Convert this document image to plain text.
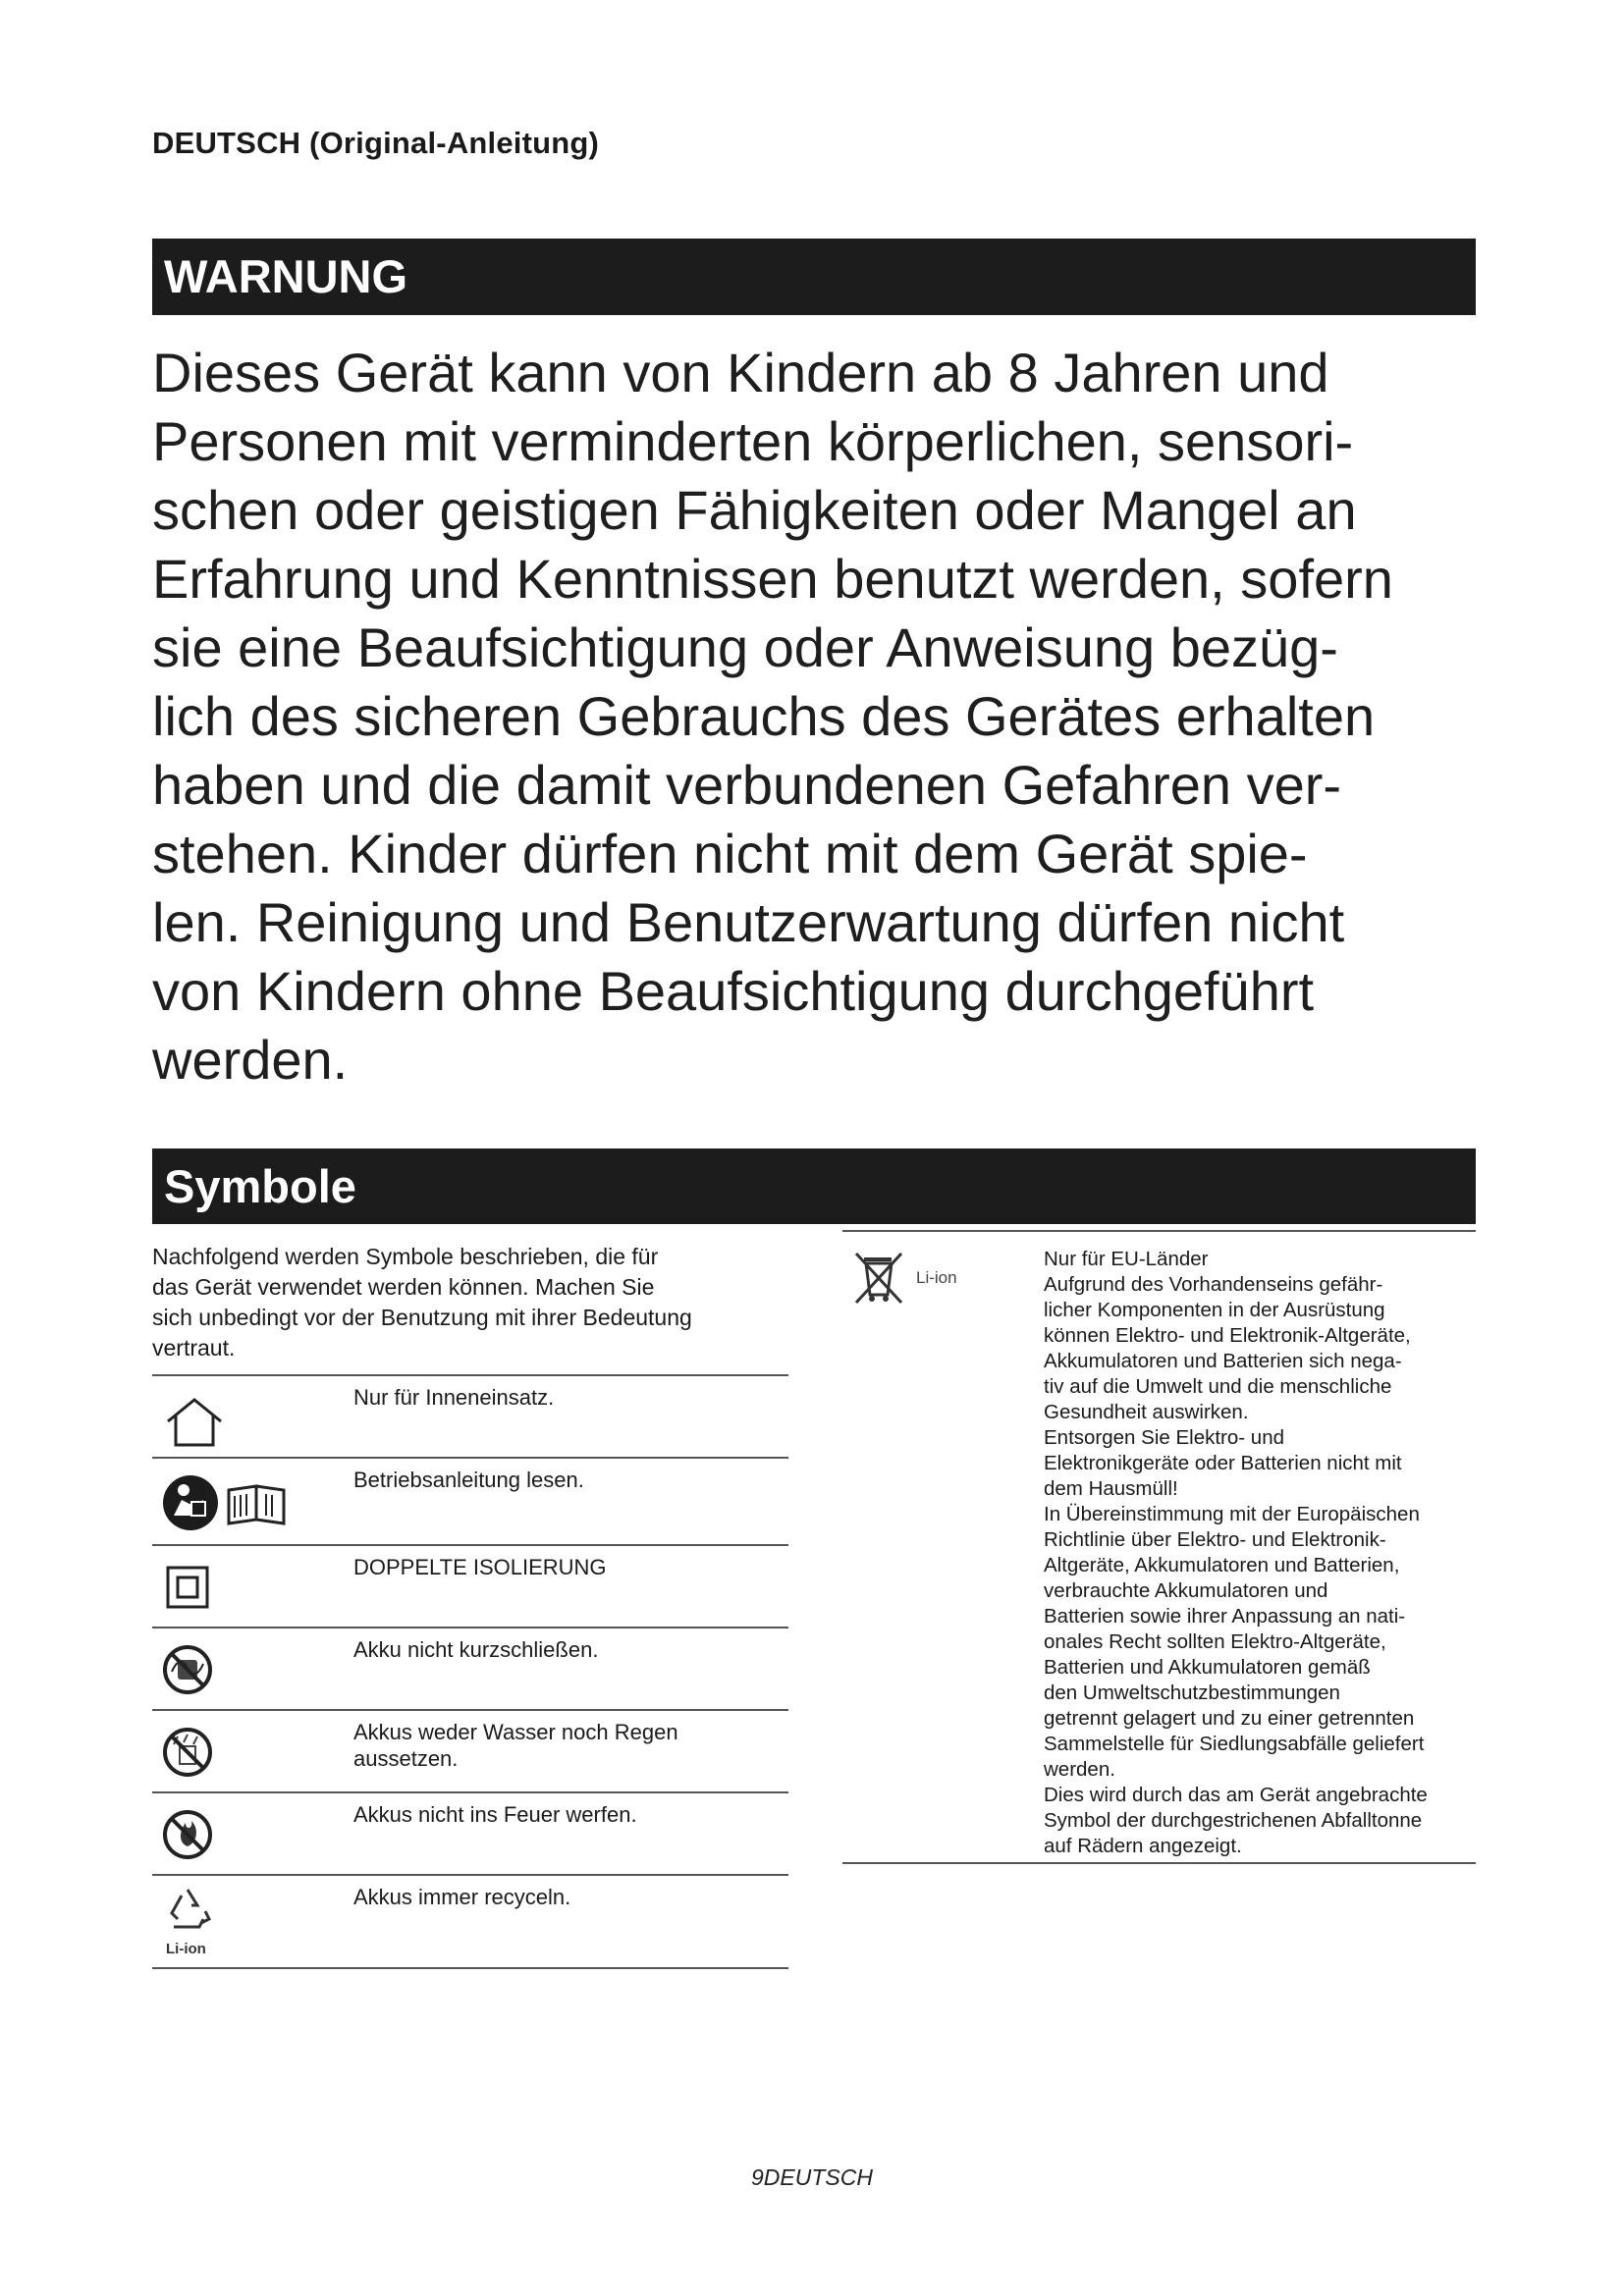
DEUTSCH (Original-Anleitung)
WARNUNG
Dieses Gerät kann von Kindern ab 8 Jahren und
Personen mit verminderten körperlichen, sensori-
schen oder geistigen Fähigkeiten oder Mangel an
Erfahrung und Kenntnissen benutzt werden, sofern
sie eine Beaufsichtigung oder Anweisung bezüg-
lich des sicheren Gebrauchs des Gerätes erhalten
haben und die damit verbundenen Gefahren ver-
stehen. Kinder dürfen nicht mit dem Gerät spie-
len. Reinigung und Benutzerwartung dürfen nicht
von Kindern ohne Beaufsichtigung durchgeführt
werden.
Symbole
Nachfolgend werden Symbole beschrieben, die für
das Gerät verwendet werden können. Machen Sie
sich unbedingt vor der Benutzung mit ihrer Bedeutung
vertraut.
Nur für Inneneinsatz.
Betriebsanleitung lesen.
DOPPELTE ISOLIERUNG
Akku nicht kurzschließen.
Akkus weder Wasser noch Regen aussetzen.
Akkus nicht ins Feuer werfen.
Li-ion
Akkus immer recyceln.
Li-ion
Nur für EU-Länder
Aufgrund des Vorhandenseins gefähr-
licher Komponenten in der Ausrüstung
können Elektro- und Elektronik-Altgeräte,
Akkumulatoren und Batterien sich nega-
tiv auf die Umwelt und die menschliche
Gesundheit auswirken.
Entsorgen Sie Elektro- und
Elektronikgeräte oder Batterien nicht mit
dem Hausmüll!
In Übereinstimmung mit der Europäischen
Richtlinie über Elektro- und Elektronik-
Altgeräte, Akkumulatoren und Batterien,
verbrauchte Akkumulatoren und
Batterien sowie ihrer Anpassung an nati-
onales Recht sollten Elektro-Altgeräte,
Batterien und Akkumulatoren gemäß
den Umweltschutzbestimmungen
getrennt gelagert und zu einer getrennten
Sammelstelle für Siedlungsabfälle geliefert
werden.
Dies wird durch das am Gerät angebrachte
Symbol der durchgestrichenen Abfalltonne
auf Rädern angezeigt.
9DEUTSCH
